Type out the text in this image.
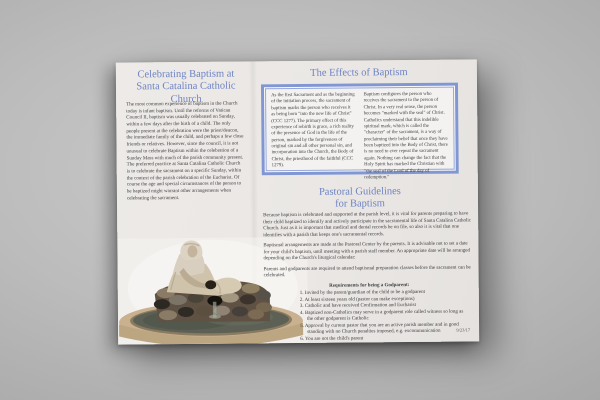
Celebrating Baptism at
Santa Catalina Catholic
Church
The most common experience of baptism in the Church today is infant baptism. Until the reforms of Vatican Council II, baptism was usually celebrated on Sunday, within a few days after the birth of a child. The only people present at the celebration were the priest/deacon, the immediate family of the child, and perhaps a few close friends or relatives. However, since the council, it is not unusual to celebrate Baptism within the celebration of a Sunday Mass with much of the parish community present. The preferred practice at Santa Catalina Catholic Church is to celebrate the sacrament on a specific Sunday, within the context of the parish celebration of the Eucharist. Of course the age and special circumstances of the person to be baptized might warrant other arrangements when celebrating the sacrament.
The Effects of Baptism
As the first Sacrament and as the beginning of the initiation process, the sacrament of baptism marks the person who receives it as being born "into the new life of Christ" (CCC 1277). The primary effect of this experience of rebirth is grace, a rich reality of the presence of God in the life of the person, marked by the forgiveness of original sin and all other personal sin, and incorporation into the Church, the Body of Christ, the priesthood of the faithful (CCC 1279).
Baptism configures the person who receives the sacrament to the person of Christ. In a very real sense, the person becomes "marked with the seal" of Christ. Catholics understand that this indelible spiritual mark, which is called the "character" of the sacrament, is a way of proclaiming their belief that once they have been baptized into the Body of Christ, there is no need to ever repeat the sacrament again. Nothing can change the fact that the Holy Spirit has marked the Christian with "the seal of the Lord of the day of redemption."
Pastoral Guidelines
for Baptism

Because baptism is celebrated and supported at the parish level, it is vital for parents preparing to have their child baptized to identify and actively participate in the sacramental life of Santa Catalina Catholic Church. Just as it is important that medical and dental records be on file, so also it is vital that one identifies with a parish that keeps one's sacramental records.

Baptismal arrangements are made at the Pastoral Center by the parents. It is advisable not to set a date for your child's baptism, until meeting with a parish staff member. An appropriate date will be arranged depending on the Church's liturgical calendar:

Parents and godparents are required to attend baptismal preparation classes before the sacrament can be celebrated.

Requirements for being a Godparent:
1. Invited by the parent/guardian of the child to be a godparent
2. At least sixteen years old (pastor can make exceptions)
3. Catholic and have received Confirmation and Eucharist
4. Baptized non-Catholics may serve in a godparent role called witness so long as the other godparent is Catholic
5. Approval by current pastor that you are an active parish member and in good standing with no Church penalties imposed, e.g. excommunication
6. You are not the child's parent
9/23/17
